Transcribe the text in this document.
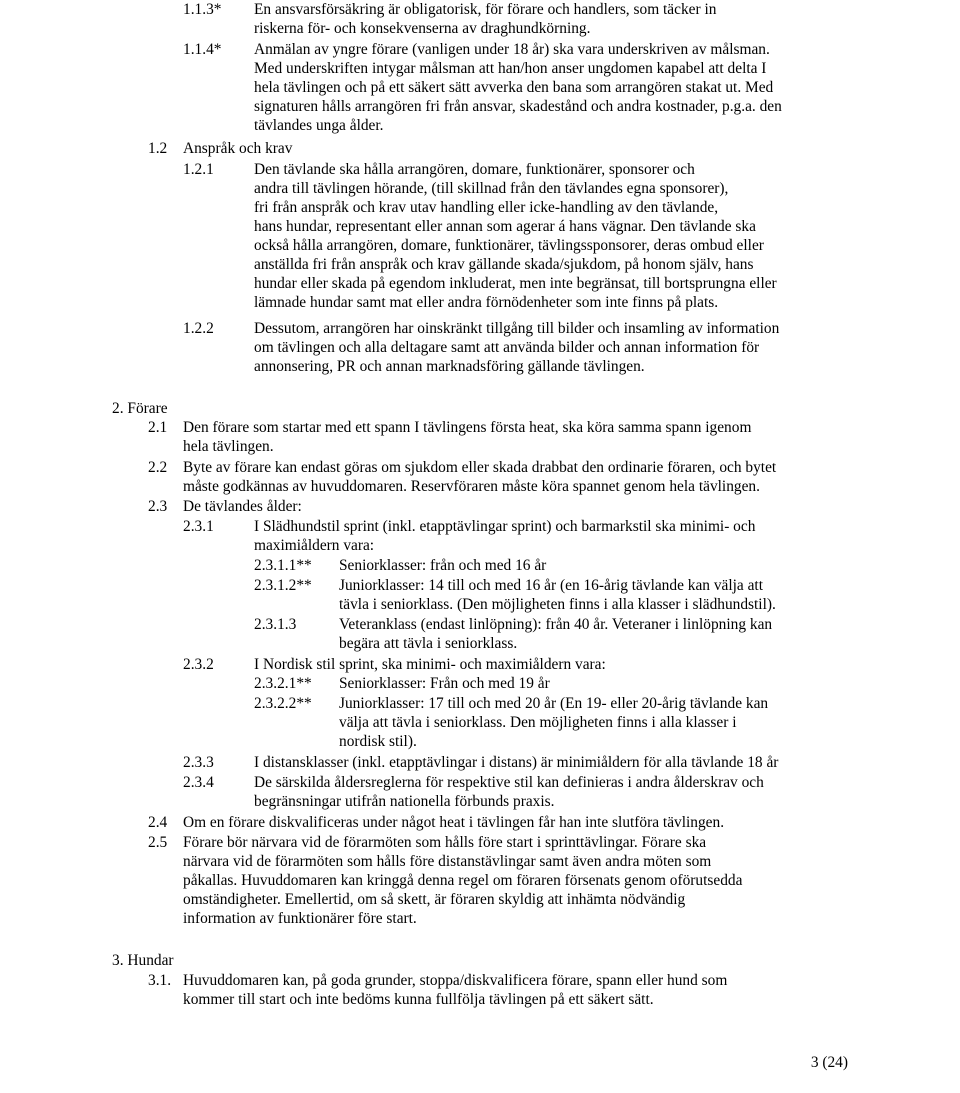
1.1.3* En ansvarsförsäkring är obligatorisk, för förare och handlers, som täcker in
riskerna för- och konsekvenserna av draghundkörning.
1.1.4* Anmälan av yngre förare (vanligen under 18 år) ska vara underskriven av målsman.
Med underskriften intygar målsman att han/hon anser ungdomen kapabel att delta I
hela tävlingen och på ett säkert sätt avverka den bana som arrangören stakat ut. Med
signaturen hålls arrangören fri från ansvar, skadestånd och andra kostnader, p.g.a. den
tävlandes unga ålder.
1.2 Anspråk och krav
1.2.1	Den tävlande ska hålla arrangören, domare, funktionärer, sponsorer och
andra till tävlingen hörande, (till skillnad från den tävlandes egna sponsorer),
fri från anspråk och krav utav handling eller icke-handling av den tävlande,
hans hundar, representant eller annan som agerar á hans vägnar. Den tävlande ska
också hålla arrangören, domare, funktionärer, tävlingssponsorer, deras ombud eller
anställda fri från anspråk och krav gällande skada/sjukdom, på honom själv, hans
hundar eller skada på egendom inkluderat, men inte begränsat, till bortsprungna eller
lämnade hundar samt mat eller andra förnödenheter som inte finns på plats.
1.2.2	Dessutom, arrangören har oinskränkt tillgång till bilder och insamling av information
om tävlingen och alla deltagare samt att använda bilder och annan information för
annonsering, PR och annan marknadsföring gällande tävlingen.
2. Förare
2.1 Den förare som startar med ett spann I tävlingens första heat, ska köra samma spann igenom
hela tävlingen.
2.2 Byte av förare kan endast göras om sjukdom eller skada drabbat den ordinarie föraren, och bytet
måste godkännas av huvuddomaren. Reservföraren måste köra spannet genom hela tävlingen.
2.3 De tävlandes ålder:
2.3.1	I Slädhundstil sprint (inkl. etapptävlingar sprint) och barmarkstil ska minimi- och
maximiåldern vara:
2.3.1.1** Seniorklasser: från och med 16 år
2.3.1.2** Juniorklasser: 14 till och med 16 år (en 16-årig tävlande kan välja att
tävla i seniorklass. (Den möjligheten finns i alla klasser i slädhundstil).
2.3.1.3	Veteranklass (endast linlöpning): från 40 år. Veteraner i linlöpning kan
begära att tävla i seniorklass.
2.3.2	I Nordisk stil sprint, ska minimi- och maximiåldern vara:
2.3.2.1** Seniorklasser: Från och med 19 år
2.3.2.2** Juniorklasser: 17 till och med 20 år (En 19- eller 20-årig tävlande kan
välja att tävla i seniorklass. Den möjligheten finns i alla klasser i
nordisk stil).
2.3.3	I distansklasser (inkl. etapptävlingar i distans) är minimiåldern för alla tävlande 18 år
2.3.4	De särskilda åldersreglerna för respektive stil kan definieras i andra ålderskrav och
begränsningar utifrån nationella förbunds praxis.
2.4 Om en förare diskvalificeras under något heat i tävlingen får han inte slutföra tävlingen.
2.5 Förare bör närvara vid de förarmöten som hålls före start i sprinttävlingar. Förare ska
närvara vid de förarmöten som hålls före distanstävlingar samt även andra möten som
påkallas. Huvuddomaren kan kringgå denna regel om föraren försenats genom oförutsedda
omständigheter. Emellertid, om så skett, är föraren skyldig att inhämta nödvändig
information av funktionärer före start.
3. Hundar
3.1. Huvuddomaren kan, på goda grunder, stoppa/diskvalificera förare, spann eller hund som
kommer till start och inte bedöms kunna fullfölja tävlingen på ett säkert sätt.
3 (24)
